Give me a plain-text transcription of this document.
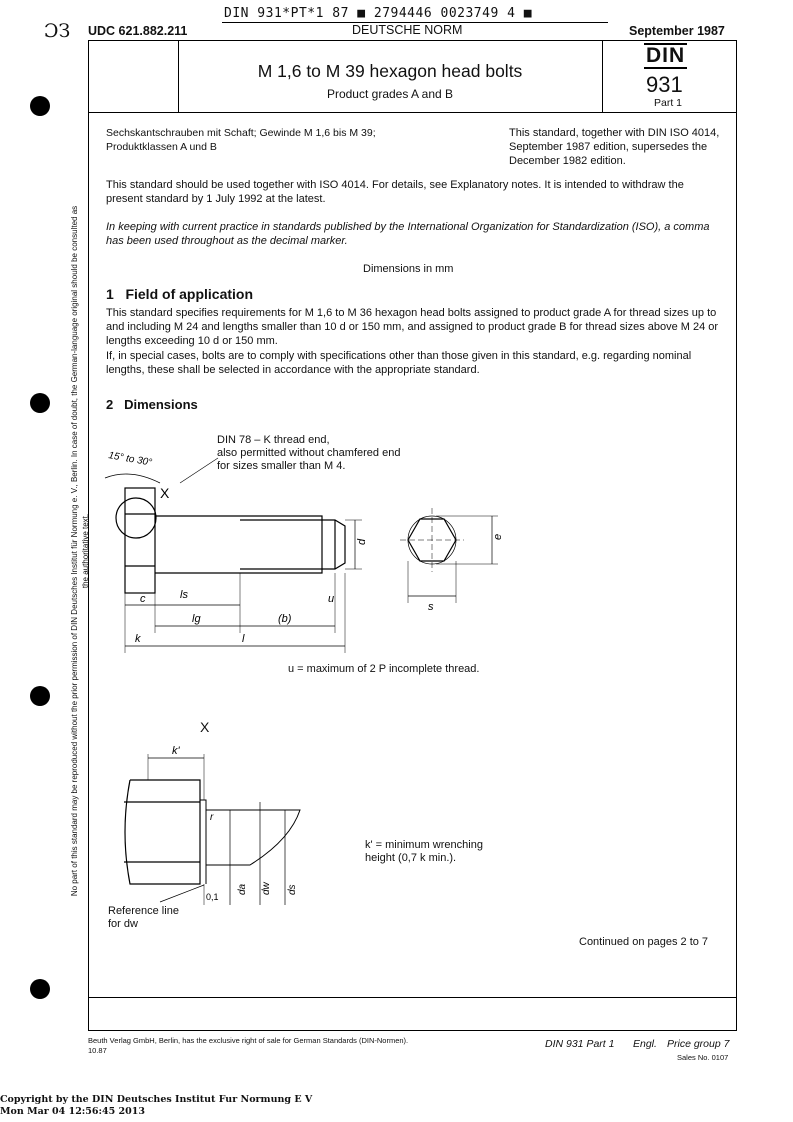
ƆЗ
DIN 931*PT*1 87 ■ 2794446 0023749 4 ■
UDC 621.882.211	DEUTSCHE NORM	September 1987
M 1,6 to M 39 hexagon head bolts
Product grades A and B
DIN
931
Part 1
Sechskantschrauben mit Schaft; Gewinde M 1,6 bis M 39; Produktklassen A und B
This standard, together with DIN ISO 4014, September 1987 edition, supersedes the December 1982 edition.
This standard should be used together with ISO 4014. For details, see Explanatory notes. It is intended to withdraw the present standard by 1 July 1992 at the latest.
In keeping with current practice in standards published by the International Organization for Standardization (ISO), a comma has been used throughout as the decimal marker.
Dimensions in mm
1   Field of application
This standard specifies requirements for M 1,6 to M 36 hexagon head bolts assigned to product grade A for thread sizes up to and including M 24 and lengths smaller than 10 d or 150 mm, and assigned to product grade B for thread sizes above M 24 or lengths exceeding 10 d or 150 mm.
If, in special cases, bolts are to comply with specifications other than those given in this standard, e.g. regarding nominal lengths, these shall be selected in accordance with the appropriate standard.
2   Dimensions
15° to 30°
X
c	ls
lg	(b)
u
k	l
d
e
s
DIN 78 – K thread end,
also permitted without chamfered end
for sizes smaller than M 4.
u = maximum of 2 P incomplete thread.
X
k'
r
0,1
da dw ds
k' = minimum wrenching
height (0,7 k min.).
Reference line
for dw
Continued on pages 2 to 7
No part of this standard may be reproduced without the prior permission of DIN Deutsches Institut für Normung e. V., Berlin. In case of doubt, the German-language original should be consulted as the authoritative text.
Beuth Verlag GmbH, Berlin, has the exclusive right of sale for German Standards (DIN-Normen).
10.87
DIN 931 Part 1 Engl. Price group 7
Sales No. 0107
Copyright by the DIN Deutsches Institut Fur Normung E V
Mon Mar 04 12:56:45 2013
